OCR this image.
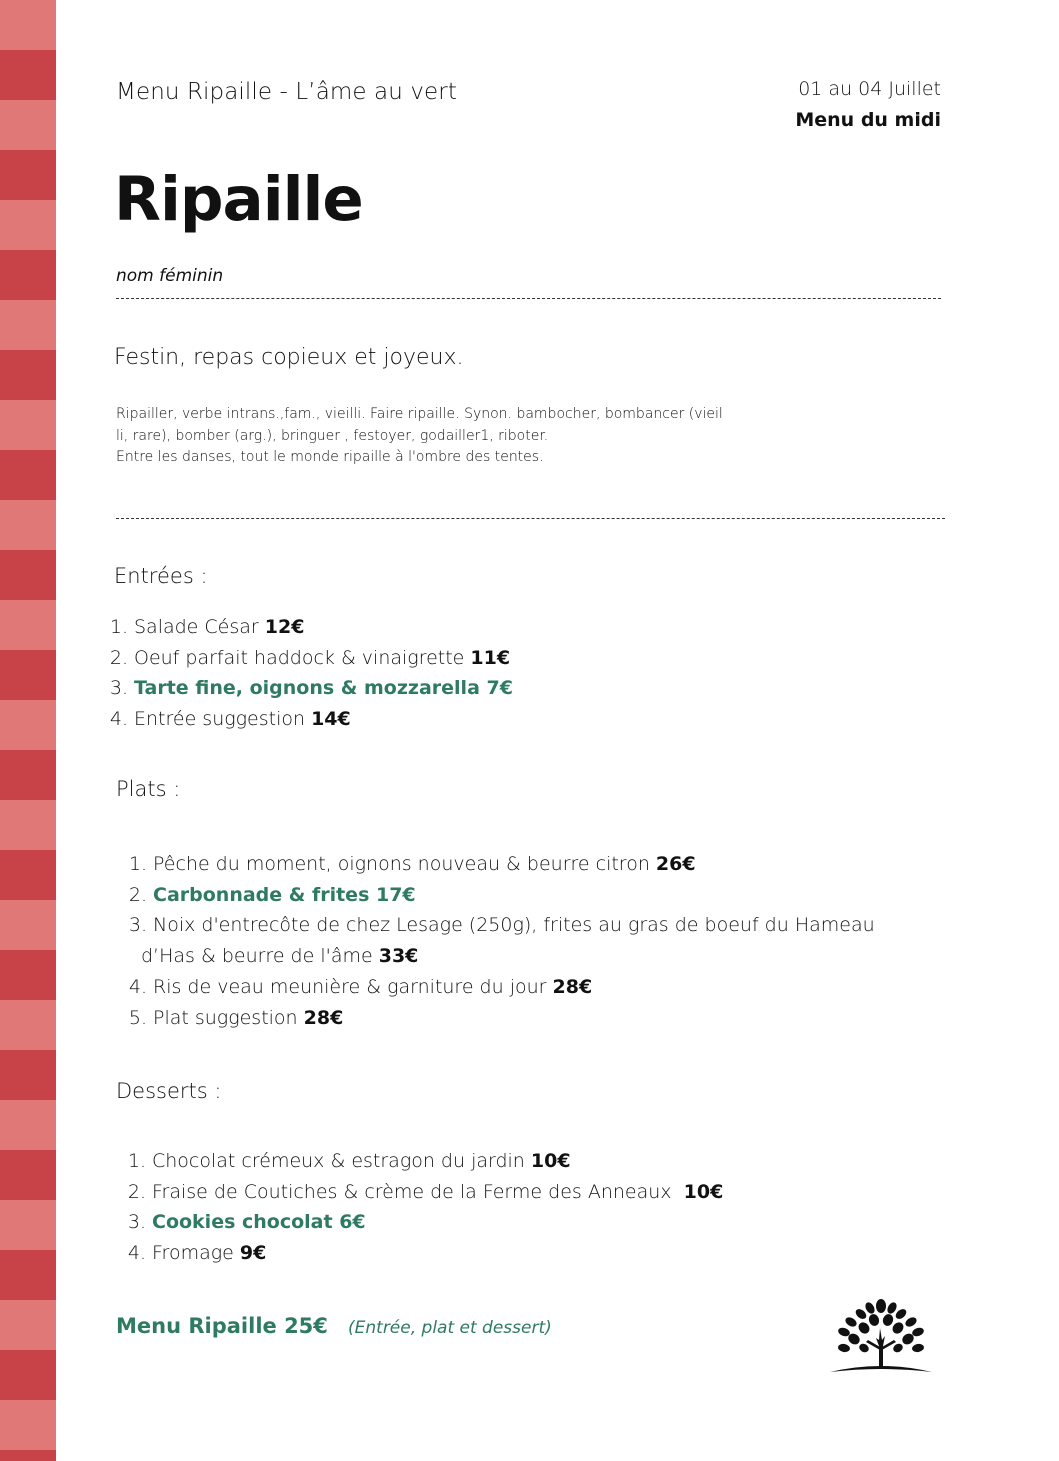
Menu Ripaille - L’âme au vert	01 au 04 Juillet
Menu du midi
Ripaille
nom féminin
Festin, repas copieux et joyeux.
Ripailler, verbe intrans.,fam., vieilli. Faire ripaille. Synon. bambocher, bombancer (vieil
li, rare), bomber (arg.), bringuer , festoyer, godailler1, riboter.
Entre les danses, tout le monde ripaille à l'ombre des tentes.
Entrées :
1. Salade César 12€
2. Oeuf parfait haddock & vinaigrette 11€
3. Tarte fine, oignons & mozzarella 7€
4. Entrée suggestion 14€
Plats :
1. Pêche du moment, oignons nouveau & beurre citron 26€
2. Carbonnade & frites 17€
3. Noix d'entrecôte de chez Lesage (250g), frites au gras de boeuf du Hameau
d’Has & beurre de l'âme 33€
4. Ris de veau meunière & garniture du jour 28€
5. Plat suggestion 28€
Desserts :
1. Chocolat crémeux & estragon du jardin 10€
2. Fraise de Coutiches & crème de la Ferme des Anneaux  10€
3. Cookies chocolat 6€
4. Fromage 9€
Menu Ripaille 25€ (Entrée, plat et dessert)
